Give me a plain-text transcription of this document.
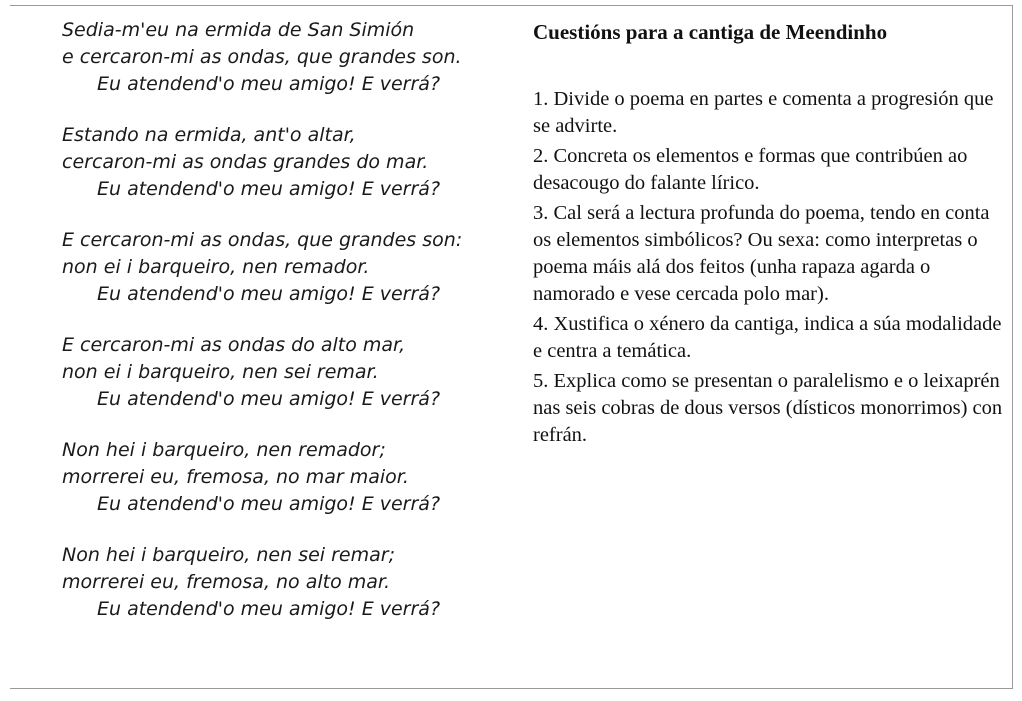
Sedia-m'eu na ermida de San Simión
e cercaron-mi as ondas, que grandes son.
Eu atendend'o meu amigo! E verrá?
Estando na ermida, ant'o altar,
cercaron-mi as ondas grandes do mar.
Eu atendend'o meu amigo! E verrá?
E cercaron-mi as ondas, que grandes son:
non ei i barqueiro, nen remador.
Eu atendend'o meu amigo! E verrá?
E cercaron-mi as ondas do alto mar,
non ei i barqueiro, nen sei remar.
Eu atendend'o meu amigo! E verrá?
Non hei i barqueiro, nen remador;
morrerei eu, fremosa, no mar maior.
Eu atendend'o meu amigo! E verrá?
Non hei i barqueiro, nen sei remar;
morrerei eu, fremosa, no alto mar.
Eu atendend'o meu amigo! E verrá?
Cuestións para a cantiga de Meendinho
1. Divide o poema en partes e comenta a progresión que se advirte.
2. Concreta os elementos e formas que contribúen ao desacougo do falante lírico.
3. Cal será a lectura profunda do poema, tendo en conta os elementos simbólicos? Ou sexa: como interpretas o poema máis alá dos feitos (unha rapaza agarda o namorado e vese cercada polo mar).
4. Xustifica o xénero da cantiga, indica a súa modalidade e centra a temática.
5. Explica como se presentan o paralelismo e o leixaprén nas seis cobras de dous versos (dísticos monorrimos) con refrán.
